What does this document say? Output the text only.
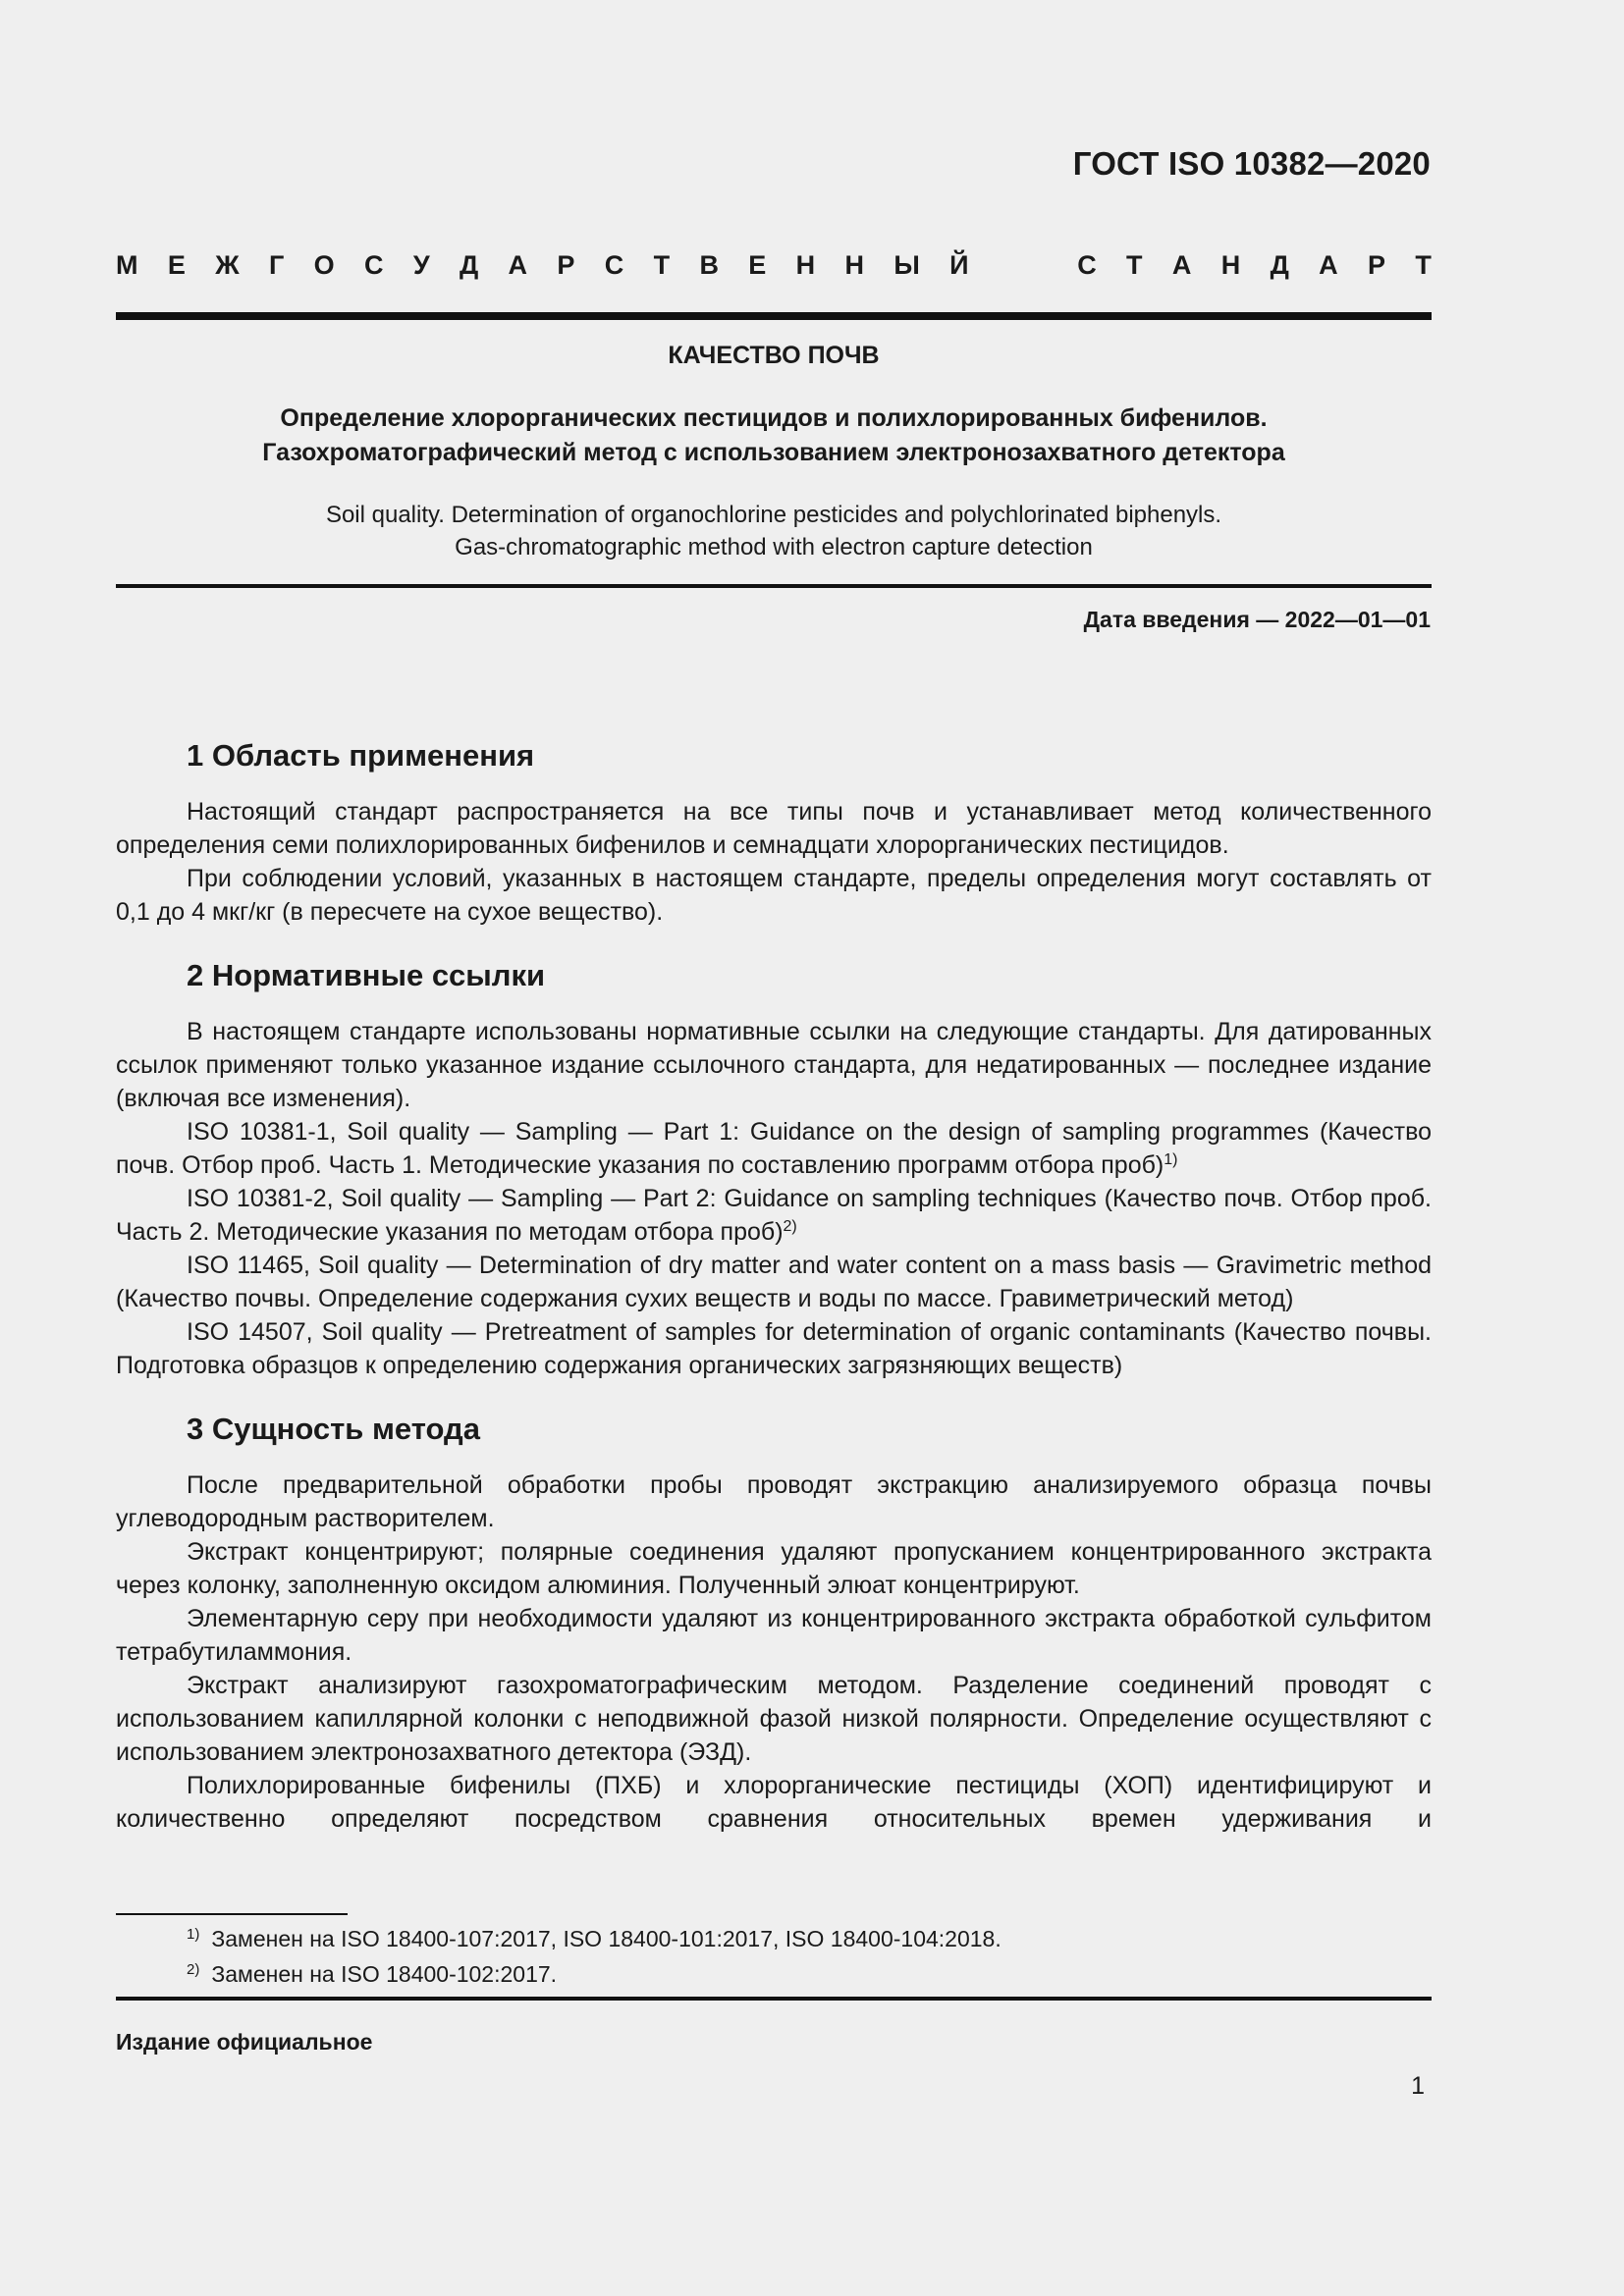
ГОСТ ISO 10382—2020
М Е Ж Г О С У Д А Р С Т В Е Н Н Ы Й	С Т А Н Д А Р Т
КАЧЕСТВО ПОЧВ
Определение хлорорганических пестицидов и полихлорированных бифенилов.
Газохроматографический метод с использованием электронозахватного детектора
Soil quality. Determination of organochlorine pesticides and polychlorinated biphenyls.
Gas-chromatographic method with electron capture detection
Дата введения — 2022—01—01
1 Область применения

Настоящий стандарт распространяется на все типы почв и устанавливает метод количественного определения семи полихлорированных бифенилов и семнадцати хлорорганических пестицидов.

При соблюдении условий, указанных в настоящем стандарте, пределы определения могут составлять от 0,1 до 4 мкг/кг (в пересчете на сухое вещество).

2 Нормативные ссылки

В настоящем стандарте использованы нормативные ссылки на следующие стандарты. Для датированных ссылок применяют только указанное издание ссылочного стандарта, для недатированных — последнее издание (включая все изменения).

ISO 10381-1, Soil quality — Sampling — Part 1: Guidance on the design of sampling programmes (Качество почв. Отбор проб. Часть 1. Методические указания по составлению программ отбора проб)$^{1)}$

ISO 10381-2, Soil quality — Sampling — Part 2: Guidance on sampling techniques (Качество почв. Отбор проб. Часть 2. Методические указания по методам отбора проб)$^{2)}$

ISO 11465, Soil quality — Determination of dry matter and water content on a mass basis — Gravimetric method (Качество почвы. Определение содержания сухих веществ и воды по массе. Гравиметрический метод)

ISO 14507, Soil quality — Pretreatment of samples for determination of organic contaminants (Качество почвы. Подготовка образцов к определению содержания органических загрязняющих веществ)

3 Сущность метода

После предварительной обработки пробы проводят экстракцию анализируемого образца почвы углеводородным растворителем.

Экстракт концентрируют; полярные соединения удаляют пропусканием концентрированного экстракта через колонку, заполненную оксидом алюминия. Полученный элюат концентрируют.

Элементарную серу при необходимости удаляют из концентрированного экстракта обработкой сульфитом тетрабутиламмония.

Экстракт анализируют газохроматографическим методом. Разделение соединений проводят с использованием капиллярной колонки с неподвижной фазой низкой полярности. Определение осуществляют с использованием электронозахватного детектора (ЭЗД).

Полихлорированные бифенилы (ПХБ) и хлорорганические пестициды (ХОП) идентифицируют и количественно определяют посредством сравнения относительных времен удерживания и

$^{1)}$ Заменен на ISO 18400-107:2017, ISO 18400-101:2017, ISO 18400-104:2018.
$^{2)}$ Заменен на ISO 18400-102:2017.
Издание официальное
1
